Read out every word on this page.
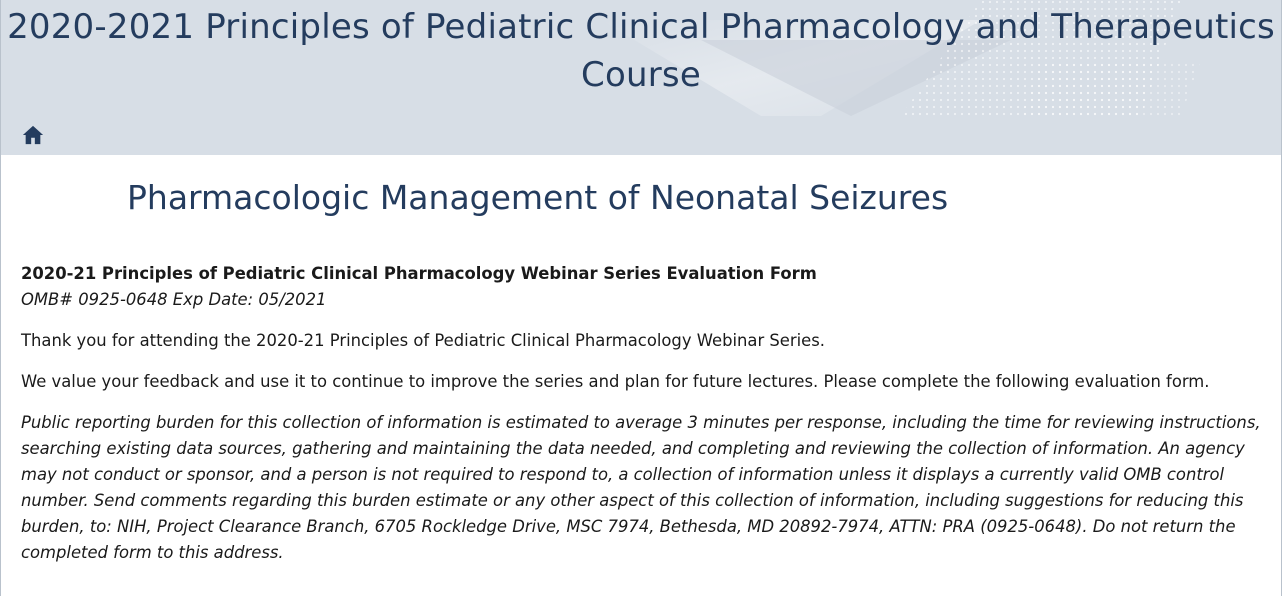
2020-2021 Principles of Pediatric Clinical Pharmacology and Therapeutics Course
Pharmacologic Management of Neonatal Seizures

2020-21 Principles of Pediatric Clinical Pharmacology Webinar Series Evaluation Form

OMB# 0925-0648 Exp Date: 05/2021

Thank you for attending the 2020-21 Principles of Pediatric Clinical Pharmacology Webinar Series.

We value your feedback and use it to continue to improve the series and plan for future lectures. Please complete the following evaluation form.

Public reporting burden for this collection of information is estimated to average 3 minutes per response, including the time for reviewing instructions, searching existing data sources, gathering and maintaining the data needed, and completing and reviewing the collection of information. An agency may not conduct or sponsor, and a person is not required to respond to, a collection of information unless it displays a currently valid OMB control number. Send comments regarding this burden estimate or any other aspect of this collection of information, including suggestions for reducing this burden, to: NIH, Project Clearance Branch, 6705 Rockledge Drive, MSC 7974, Bethesda, MD 20892-7974, ATTN: PRA (0925-0648). Do not return the completed form to this address.
